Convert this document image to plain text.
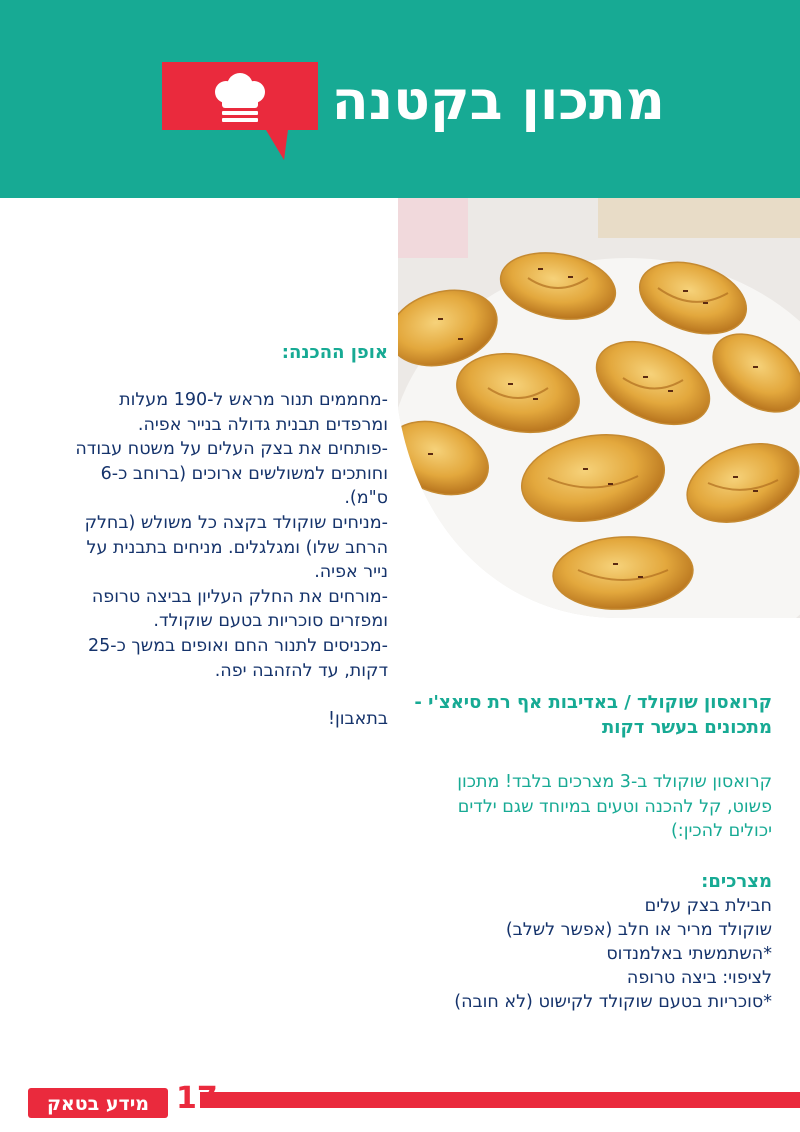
מתכון בקטנה
אופן ההכנה:
-מחממים תנור מראש ל-190 מעלות
ומרפדים תבנית גדולה בנייר אפיה.
-פותחים את בצק העלים על משטח עבודה
וחותכים למשולשים ארוכים (ברוחב כ-6
ס"מ).
-מניחים שוקולד בקצה כל משולש (בחלק
הרחב שלו) ומגלגלים. מניחים בתבנית על
נייר אפיה.
-מורחים את החלק העליון בביצה טרופה
ומפזרים סוכריות בטעם שוקולד.
-מכניסים לתנור החם ואופים במשך כ-25
דקות, עד להזהבה יפה.
בתאבון!
קרואסון שוקולד / באדיבות אף רת סיאצ'י -
מתכונים בעשר דקות
קרואסון שוקולד ב-3 מצרכים בלבד! מתכון
פשוט, קל להכנה וטעים במיוחד שגם ילדים
יכולים להכין:)
מצרכים:
חבילת בצק עלים
שוקולד מריר או חלב (אפשר לשלב)
*השתמשתי באלמנדוס
לציפוי: ביצה טרופה
*סוכריות בטעם שוקולד לקישוט (לא חובה)
17
מידע בטאק
